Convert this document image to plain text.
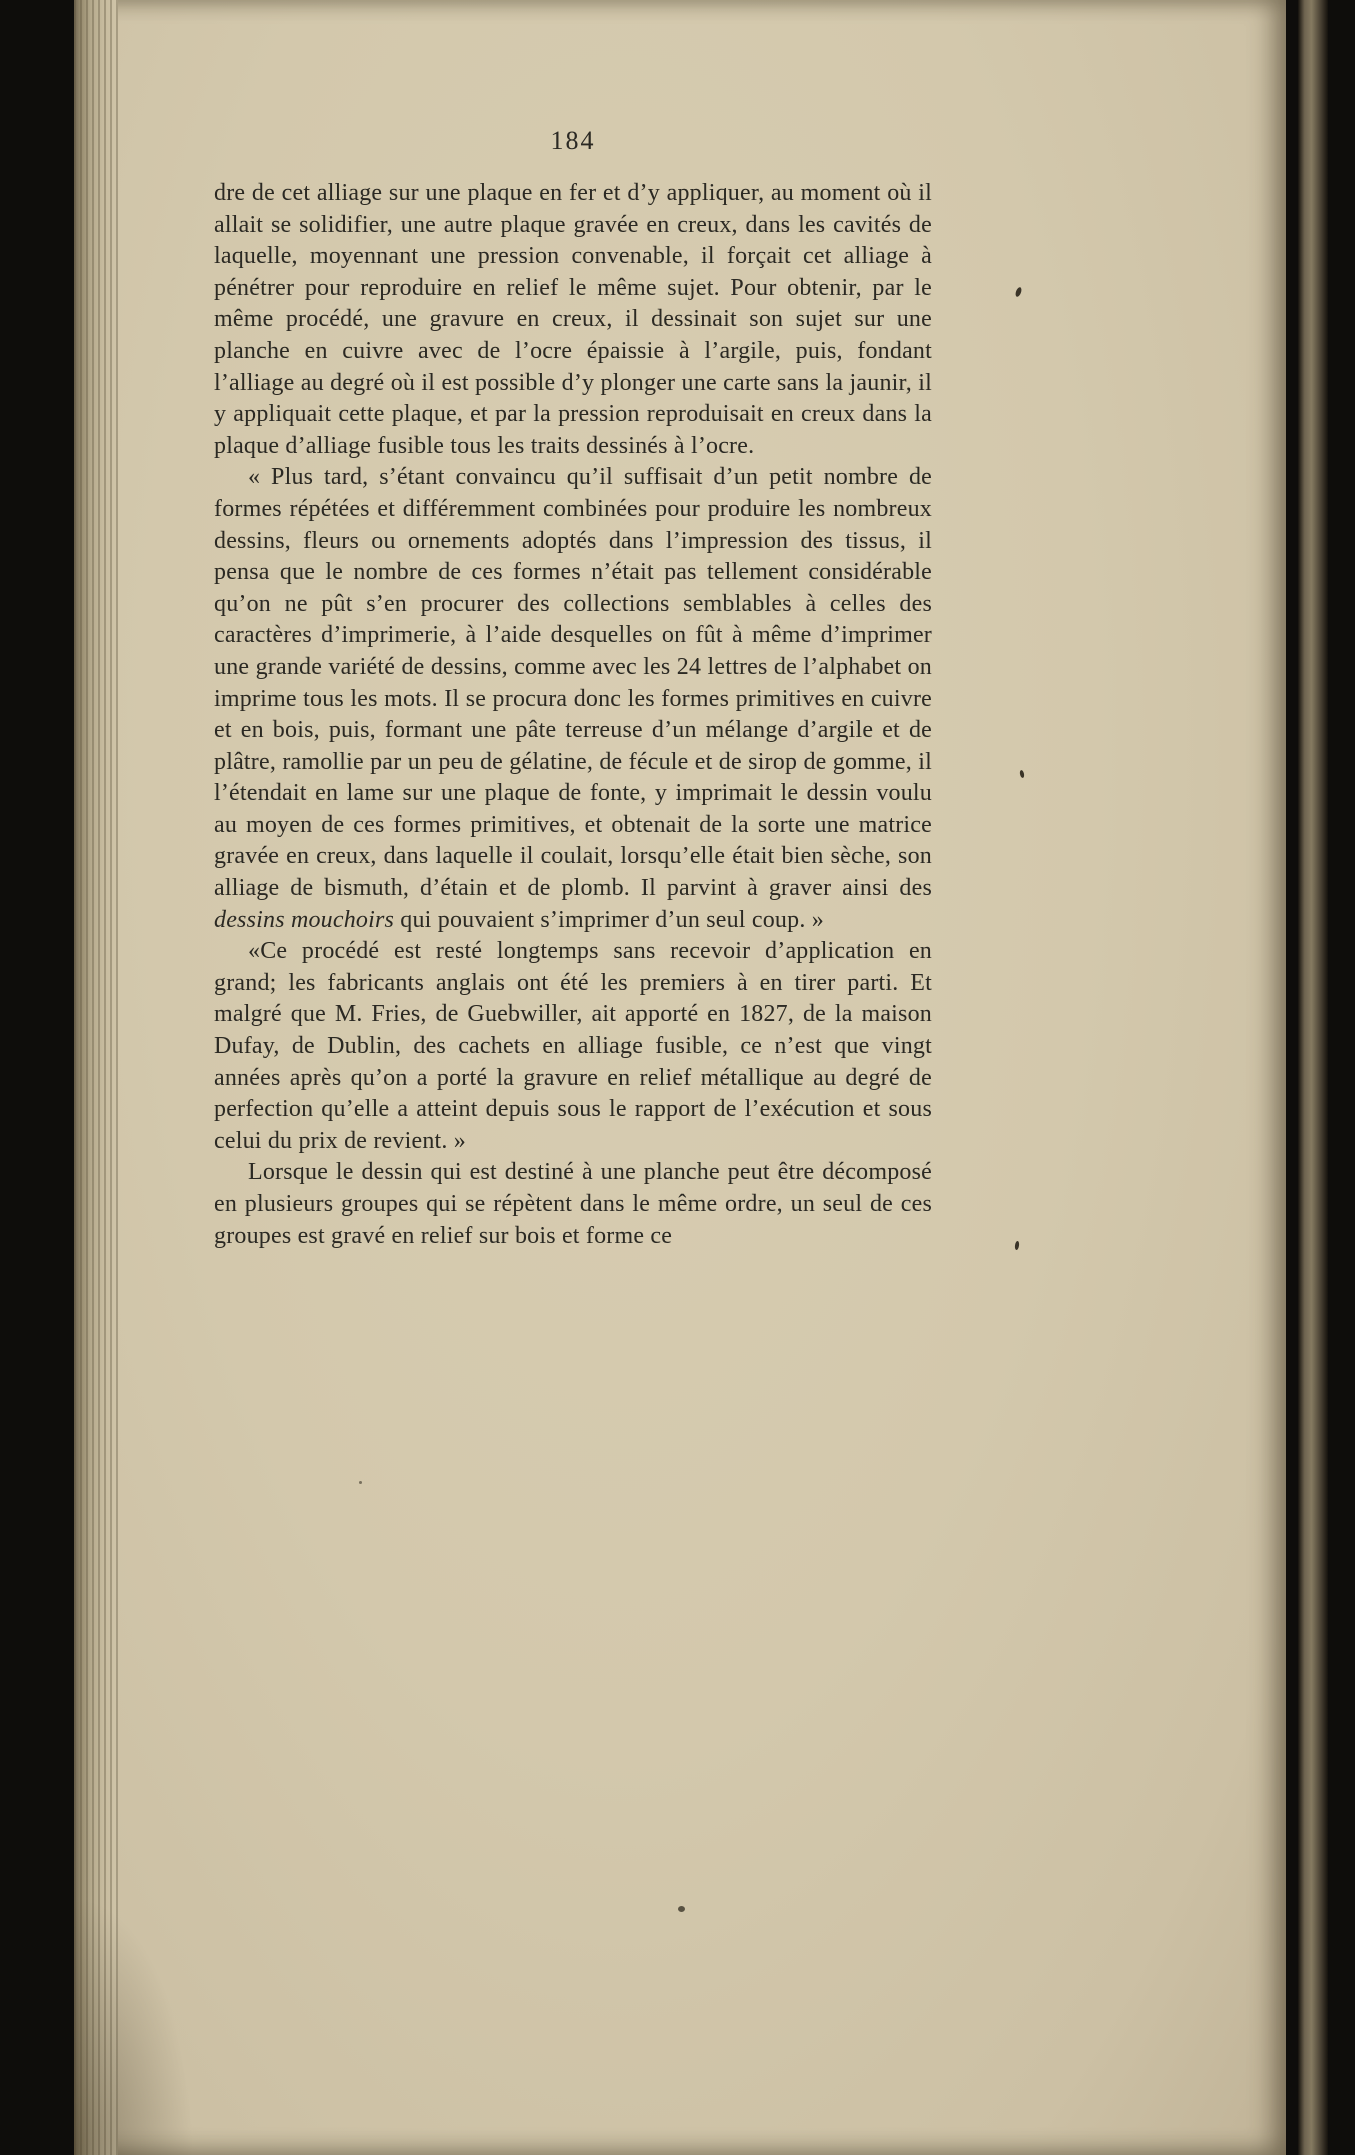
184

dre de cet alliage sur une plaque en fer et d’y appliquer, au moment où il allait se solidifier, une autre plaque gravée en creux, dans les cavités de laquelle, moyennant une pression convenable, il forçait cet alliage à pénétrer pour reproduire en relief le même sujet. Pour obtenir, par le même procédé, une gravure en creux, il dessinait son sujet sur une planche en cuivre avec de l’ocre épaissie à l’argile, puis, fondant l’alliage au degré où il est possible d’y plonger une carte sans la jaunir, il y appliquait cette plaque, et par la pression reproduisait en creux dans la plaque d’alliage fusible tous les traits dessinés à l’ocre.

« Plus tard, s’étant convaincu qu’il suffisait d’un petit nombre de formes répétées et différemment combinées pour produire les nombreux dessins, fleurs ou ornements adoptés dans l’impression des tissus, il pensa que le nombre de ces formes n’était pas tellement considérable qu’on ne pût s’en procurer des collections semblables à celles des caractères d’imprimerie, à l’aide desquelles on fût à même d’imprimer une grande variété de dessins, comme avec les 24 lettres de l’alphabet on imprime tous les mots. Il se procura donc les formes primitives en cuivre et en bois, puis, formant une pâte terreuse d’un mélange d’argile et de plâtre, ramollie par un peu de gélatine, de fécule et de sirop de gomme, il l’étendait en lame sur une plaque de fonte, y imprimait le dessin voulu au moyen de ces formes primitives, et obtenait de la sorte une matrice gravée en creux, dans laquelle il coulait, lorsqu’elle était bien sèche, son alliage de bismuth, d’étain et de plomb. Il parvint à graver ainsi des dessins mouchoirs qui pouvaient s’imprimer d’un seul coup. »

«Ce procédé est resté longtemps sans recevoir d’application en grand; les fabricants anglais ont été les premiers à en tirer parti. Et malgré que M. Fries, de Guebwiller, ait apporté en 1827, de la maison Dufay, de Dublin, des cachets en alliage fusible, ce n’est que vingt années après qu’on a porté la gravure en relief métallique au degré de perfection qu’elle a atteint depuis sous le rapport de l’exécution et sous celui du prix de revient. »

Lorsque le dessin qui est destiné à une planche peut être décomposé en plusieurs groupes qui se répètent dans le même ordre, un seul de ces groupes est gravé en relief sur bois et forme ce
